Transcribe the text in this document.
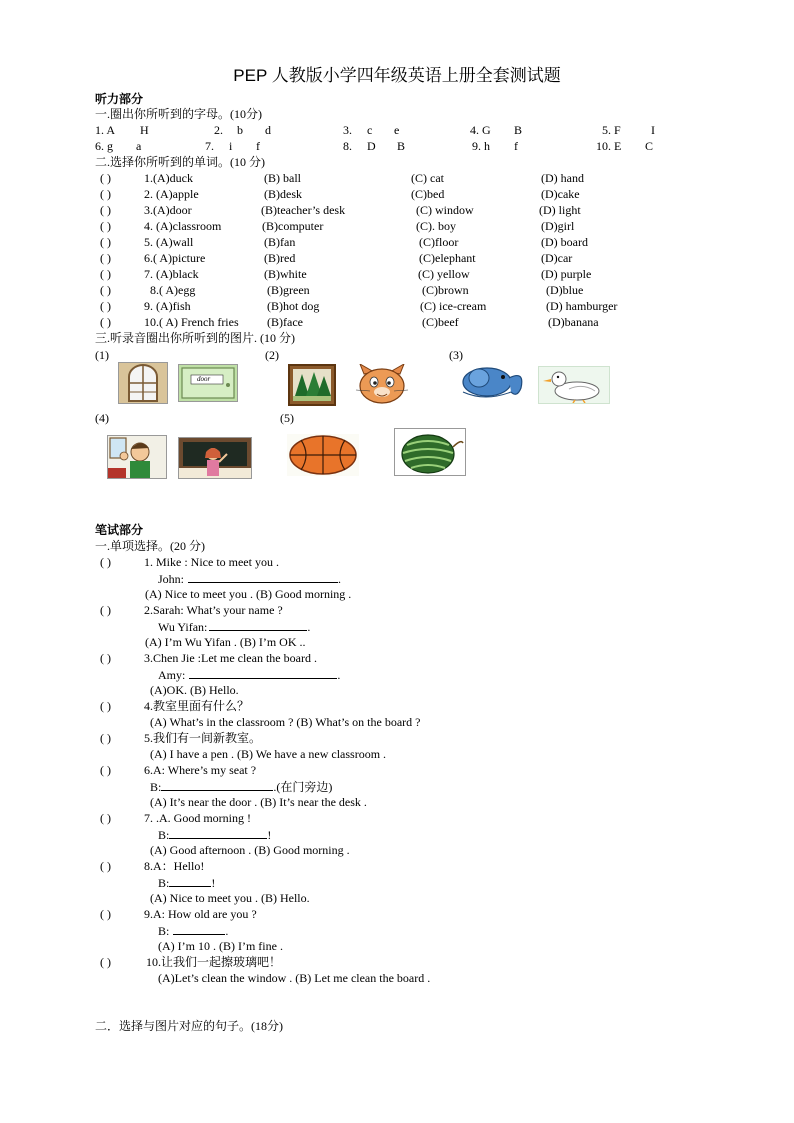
PEP 人教版小学四年级英语上册全套测试题
听力部分
一.圈出你所听到的字母。(10分)
1. A H	2. b d	3. c e	4. G B	5. F	I
6. g a	7. i f	8. D B	9. h f	10. E C
二.选择你所听到的单词。(10 分)
( )	1.(A)duck	(B) ball	(C) cat	(D) hand
( )	2. (A)apple	(B)desk	(C)bed	(D)cake
( )	3.(A)door	(B)teacher’s desk	(C) window	(D) light
( )	4. (A)classroom	(B)computer	(C). boy	(D)girl
( )	5. (A)wall	(B)fan	(C)floor	(D) board
( )	6.( A)picture	(B)red	(C)elephant	(D)car
( )	7. (A)black	(B)white	(C) yellow	(D) purple
( )	8.( A)egg	(B)green	(C)brown	(D)blue
( )	9. (A)fish	(B)hot dog	(C) ice-cream	(D) hamburger
( )	10.( A) French fries (B)face	(C)beef	(D)banana
三.听录音圈出你所听到的图片. (10 分)
(1)	(2)	(3)
(4)	(5)
door
笔试部分
一.单项选择。(20 分)
( )	1. Mike : Nice to meet you .
John:	.
(A) Nice to meet you . (B) Good morning .
( )	2.Sarah: What’s your name ?
Wu Yifan:	.
(A) I’m Wu Yifan . (B) I’m OK ..
( )	3.Chen Jie :Let me clean the board .
Amy:	.
(A)OK. (B) Hello.
( )	4.教室里面有什么？
(A) What’s in the classroom ? (B) What’s on the board ?
( )	5.我们有一间新教室。
(A) I have a pen . (B) We have a new classroom .
( )	6.A: Where’s my seat ?
B:	.(在门旁边)
(A) It’s near the door . (B) It’s near the desk .
( )	7. .A. Good morning !
B:	!
(A) Good afternoon . (B) Good morning .
( )	8.A：Hello!
B:	!
(A) Nice to meet you . (B) Hello.
( )	9.A: How old are you ?
B:	.
(A) I’m 10 . (B) I’m fine .
( )	10.让我们一起擦玻璃吧！
(A)Let’s clean the window . (B) Let me clean the board .
二．选择与图片对应的句子。(18分)
